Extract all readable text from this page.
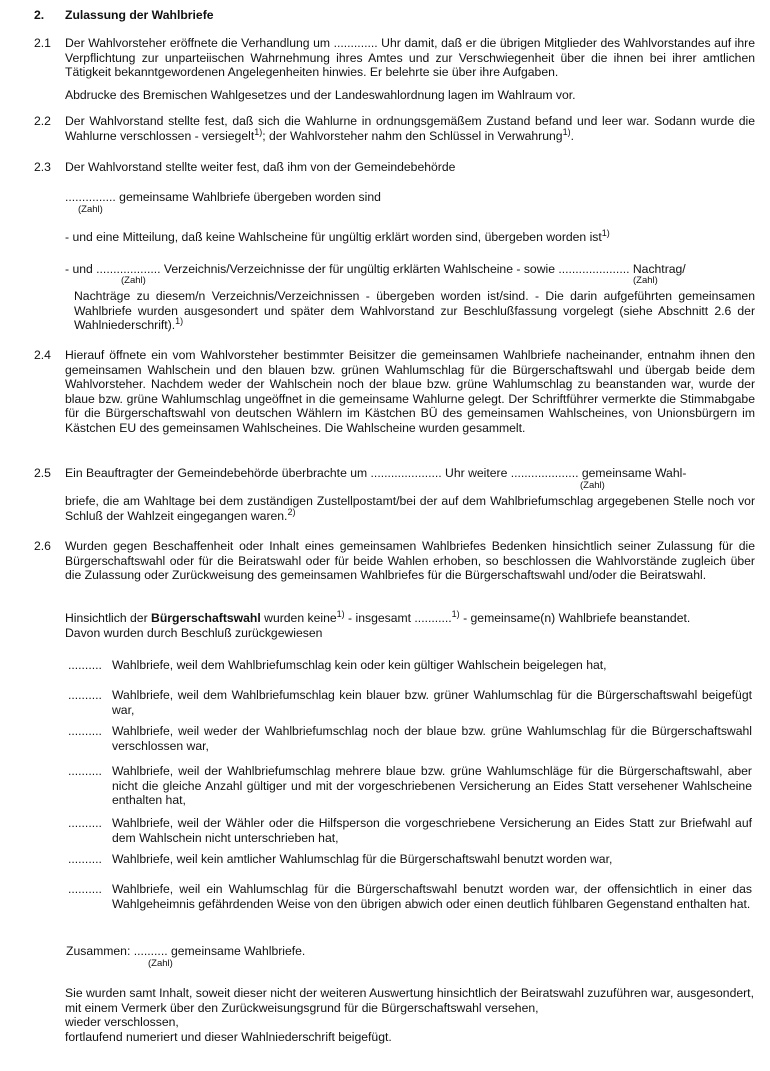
2. Zulassung der Wahlbriefe
2.1 Der Wahlvorsteher eröffnete die Verhandlung um ............. Uhr damit, daß er die übrigen Mitglieder des Wahlvorstandes auf ihre Verpflichtung zur unparteiischen Wahrnehmung ihres Amtes und zur Verschwiegenheit über die ihnen bei ihrer amtlichen Tätigkeit bekanntgewordenen Angelegenheiten hinwies. Er belehrte sie über ihre Aufgaben.

Abdrucke des Bremischen Wahlgesetzes und der Landeswahlordnung lagen im Wahlraum vor.

2.2 Der Wahlvorstand stellte fest, daß sich die Wahlurne in ordnungsgemäßem Zustand befand und leer war. Sodann wurde die Wahlurne verschlossen - versiegelt$^{1)}$; der Wahlvorsteher nahm den Schlüssel in Verwahrung$^{1)}$.

2.3 Der Wahlvorstand stellte weiter fest, daß ihm von der Gemeindebehörde
............... gemeinsame Wahlbriefe übergeben worden sind
(Zahl)
- und eine Mitteilung, daß keine Wahlscheine für ungültig erklärt worden sind, übergeben worden ist$^{1)}$
- und ................... Verzeichnis/Verzeichnisse der für ungültig erklärten Wahlscheine - sowie ..................... Nachtrag/
(Zahl)	(Zahl)
Nachträge zu diesem/n Verzeichnis/Verzeichnissen - übergeben worden ist/sind. - Die darin aufgeführten gemeinsamen Wahlbriefe wurden ausgesondert und später dem Wahlvorstand zur Beschlußfassung vorgelegt (siehe Abschnitt 2.6 der Wahlniederschrift).$^{1)}$
2.4 Hierauf öffnete ein vom Wahlvorsteher bestimmter Beisitzer die gemeinsamen Wahlbriefe nacheinander, entnahm ihnen den gemeinsamen Wahlschein und den blauen bzw. grünen Wahlumschlag für die Bürgerschaftswahl und übergab beide dem Wahlvorsteher. Nachdem weder der Wahlschein noch der blaue bzw. grüne Wahlumschlag zu beanstanden war, wurde der blaue bzw. grüne Wahlumschlag ungeöffnet in die gemeinsame Wahlurne gelegt. Der Schriftführer vermerkte die Stimmabgabe für die Bürgerschaftswahl von deutschen Wählern im Kästchen BÜ des gemeinsamen Wahlscheines, von Unionsbürgern im Kästchen EU des gemeinsamen Wahlscheines. Die Wahlscheine wurden gesammelt.
2.5 Ein Beauftragter der Gemeindebehörde überbrachte um ..................... Uhr weitere .................... gemeinsame Wahl-
(Zahl)
briefe, die am Wahltage bei dem zuständigen Zustellpostamt/bei der auf dem Wahlbriefumschlag argegebenen Stelle noch vor Schluß der Wahlzeit eingegangen waren.$^{2)}$
2.6 Wurden gegen Beschaffenheit oder Inhalt eines gemeinsamen Wahlbriefes Bedenken hinsichtlich seiner Zulassung für die Bürgerschaftswahl oder für die Beiratswahl oder für beide Wahlen erhoben, so beschlossen die Wahlvorstände zugleich über die Zulassung oder Zurückweisung des gemeinsamen Wahlbriefes für die Bürgerschaftswahl und/oder die Beiratswahl.

Hinsichtlich der Bürgerschaftswahl wurden keine$^{1)}$ - insgesamt ...........$^{1)}$ - gemeinsame(n) Wahlbriefe beanstandet.

Davon wurden durch Beschluß zurückgewiesen

.......... Wahlbriefe, weil dem Wahlbriefumschlag kein oder kein gültiger Wahlschein beigelegen hat,
.......... Wahlbriefe, weil dem Wahlbriefumschlag kein blauer bzw. grüner Wahlumschlag für die Bürgerschaftswahl beigefügt war,
.......... Wahlbriefe, weil weder der Wahlbriefumschlag noch der blaue bzw. grüne Wahlumschlag für die Bürgerschaftswahl verschlossen war,
.......... Wahlbriefe, weil der Wahlbriefumschlag mehrere blaue bzw. grüne Wahlumschläge für die Bürgerschaftswahl, aber nicht die gleiche Anzahl gültiger und mit der vorgeschriebenen Versicherung an Eides Statt versehener Wahlscheine enthalten hat,
.......... Wahlbriefe, weil der Wähler oder die Hilfsperson die vorgeschriebene Versicherung an Eides Statt zur Briefwahl auf dem Wahlschein nicht unterschrieben hat,
.......... Wahlbriefe, weil kein amtlicher Wahlumschlag für die Bürgerschaftswahl benutzt worden war,
.......... Wahlbriefe, weil ein Wahlumschlag für die Bürgerschaftswahl benutzt worden war, der offensichtlich in einer das Wahlgeheimnis gefährdenden Weise von den übrigen abwich oder einen deutlich fühlbaren Gegenstand enthalten hat.
Zusammen: .......... gemeinsame Wahlbriefe.
(Zahl)

Sie wurden samt Inhalt, soweit dieser nicht der weiteren Auswertung hinsichtlich der Beiratswahl zuzuführen war, ausgesondert,

mit einem Vermerk über den Zurückweisungsgrund für die Bürgerschaftswahl versehen,

wieder verschlossen,

fortlaufend numeriert und dieser Wahlniederschrift beigefügt.
